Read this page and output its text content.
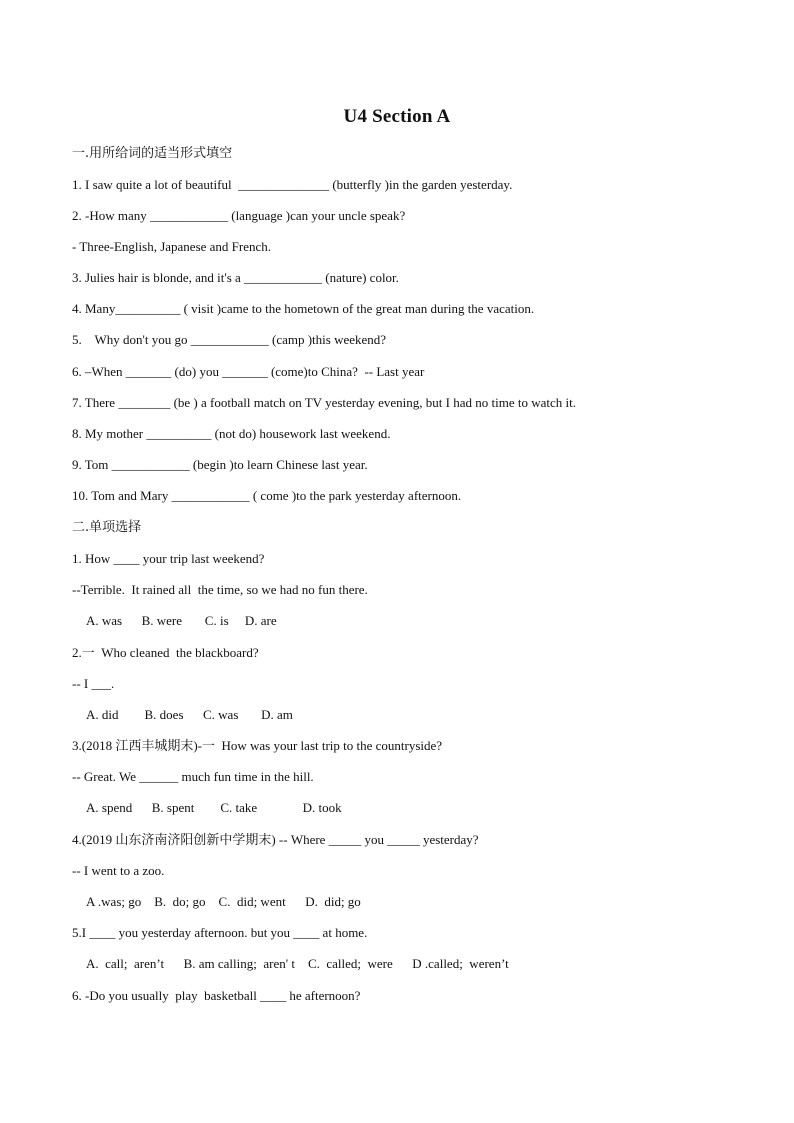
U4 Section A
一.用所给词的适当形式填空
1. I saw quite a lot of beautiful  ______________ (butterfly )in the garden yesterday.
2. -How many ____________ (language )can your uncle speak?
- Three-English, Japanese and French.
3. Julies hair is blonde, and it's a ____________ (nature) color.
4. Many__________ ( visit )came to the hometown of the great man during the vacation.
5.    Why don't you go ____________ (camp )this weekend?
6. –When _______ (do) you _______ (come)to China?  -- Last year
7. There ________ (be ) a football match on TV yesterday evening, but I had no time to watch it.
8. My mother __________ (not do) housework last weekend.
9. Tom ____________ (begin )to learn Chinese last year.
10. Tom and Mary ____________ ( come )to the park yesterday afternoon.
二.单项选择
1. How ____ your trip last weekend?
--Terrible.  It rained all  the time, so we had no fun there.
A. was      B. were       C. is     D. are
2.一  Who cleaned  the blackboard?
-- I ___.
A. did        B. does      C. was       D. am
3.(2018 江西丰城期末)-一  How was your last trip to the countryside?
-- Great. We ______ much fun time in the hill.
A. spend      B. spent        C. take              D. took
4.(2019 山东济南济阳创新中学期末) -- Where _____ you _____ yesterday?
-- I went to a zoo.
A .was; go    B.  do; go    C.  did; went      D.  did; go
5.I ____ you yesterday afternoon. but you ____ at home.
A.  call;  aren’t      B. am calling;  aren' t    C.  called;  were      D .called;  weren’t
6. -Do you usually  play  basketball ____ he afternoon?
